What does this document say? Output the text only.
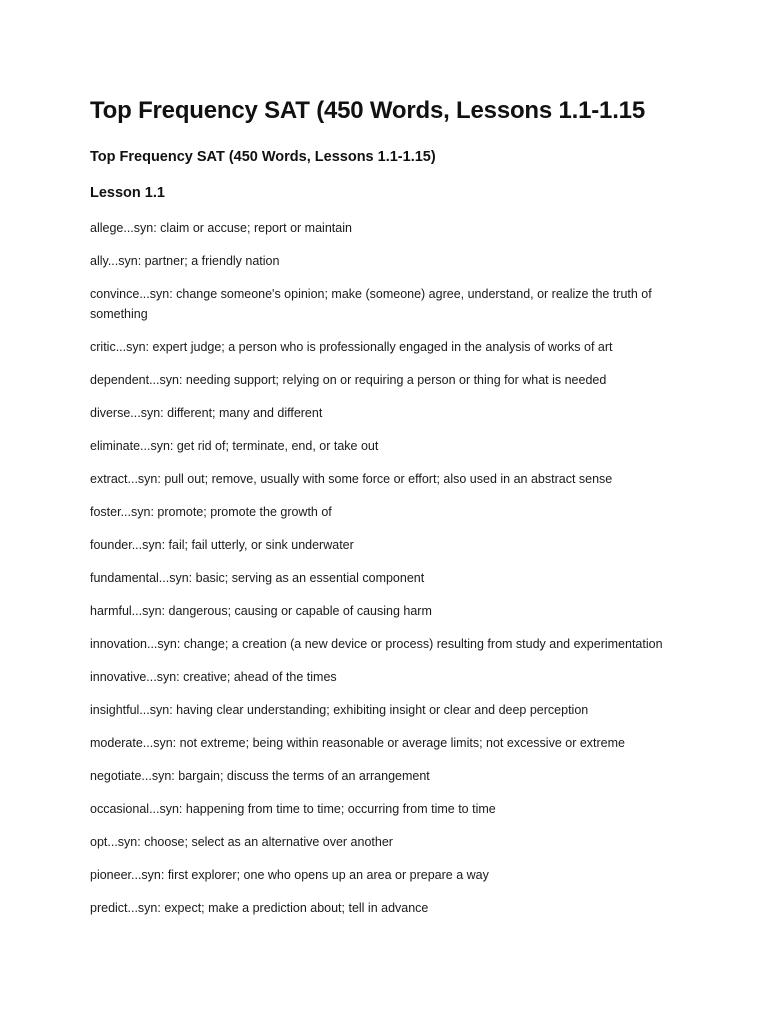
Top Frequency SAT (450 Words, Lessons 1.1-1.15
Top Frequency SAT (450 Words, Lessons 1.1-1.15)
Lesson 1.1
allege...syn: claim or accuse; report or maintain
ally...syn: partner; a friendly nation
convince...syn: change someone's opinion; make (someone) agree, understand, or realize the truth of something
critic...syn: expert judge; a person who is professionally engaged in the analysis of works of art
dependent...syn: needing support; relying on or requiring a person or thing for what is needed
diverse...syn: different; many and different
eliminate...syn: get rid of; terminate, end, or take out
extract...syn: pull out; remove, usually with some force or effort; also used in an abstract sense
foster...syn: promote; promote the growth of
founder...syn: fail; fail utterly, or sink underwater
fundamental...syn: basic; serving as an essential component
harmful...syn: dangerous; causing or capable of causing harm
innovation...syn: change; a creation (a new device or process) resulting from study and experimentation
innovative...syn: creative; ahead of the times
insightful...syn: having clear understanding; exhibiting insight or clear and deep perception
moderate...syn: not extreme; being within reasonable or average limits; not excessive or extreme
negotiate...syn: bargain; discuss the terms of an arrangement
occasional...syn: happening from time to time; occurring from time to time
opt...syn: choose; select as an alternative over another
pioneer...syn: first explorer; one who opens up an area or prepare a way
predict...syn: expect; make a prediction about; tell in advance
